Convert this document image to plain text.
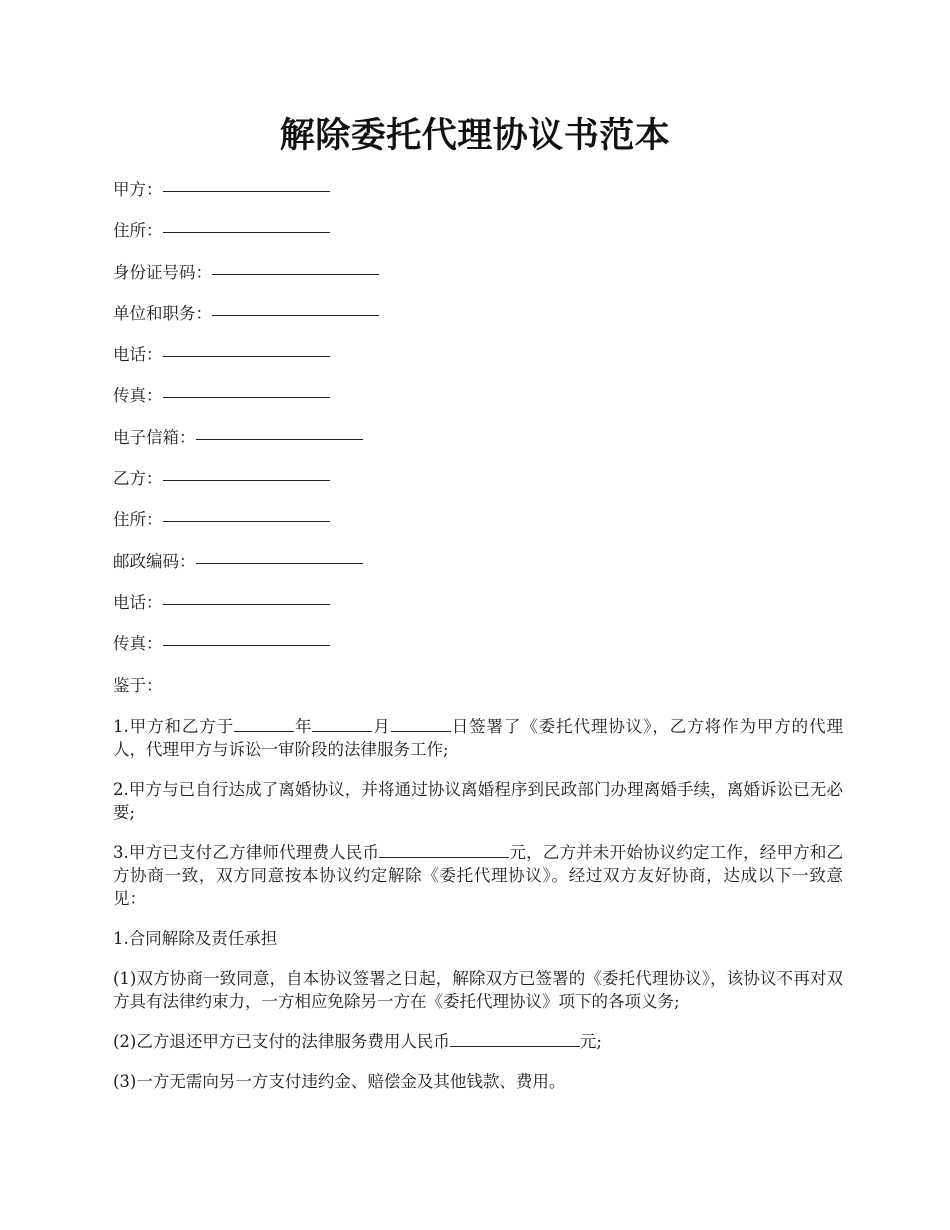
解除委托代理协议书范本
甲方：
住所：
身份证号码：
单位和职务：
电话：
传真：
电子信箱：
乙方：
住所：
邮政编码：
电话：
传真：
鉴于：

1.甲方和乙方于	年	月	日签署了《委托代理协议》，乙方将作为甲方的代理人，代理甲方与诉讼一审阶段的法律服务工作;

2.甲方与已自行达成了离婚协议，并将通过协议离婚程序到民政部门办理离婚手续，离婚诉讼已无必要;

3.甲方已支付乙方律师代理费人民币	元，乙方并未开始协议约定工作，经甲方和乙方协商一致，双方同意按本协议约定解除《委托代理协议》。经过双方友好协商，达成以下一致意见：

1.合同解除及责任承担

(1)双方协商一致同意，自本协议签署之日起，解除双方已签署的《委托代理协议》，该协议不再对双方具有法律约束力，一方相应免除另一方在《委托代理协议》项下的各项义务;

(2)乙方退还甲方已支付的法律服务费用人民币	元;

(3)一方无需向另一方支付违约金、赔偿金及其他钱款、费用。
